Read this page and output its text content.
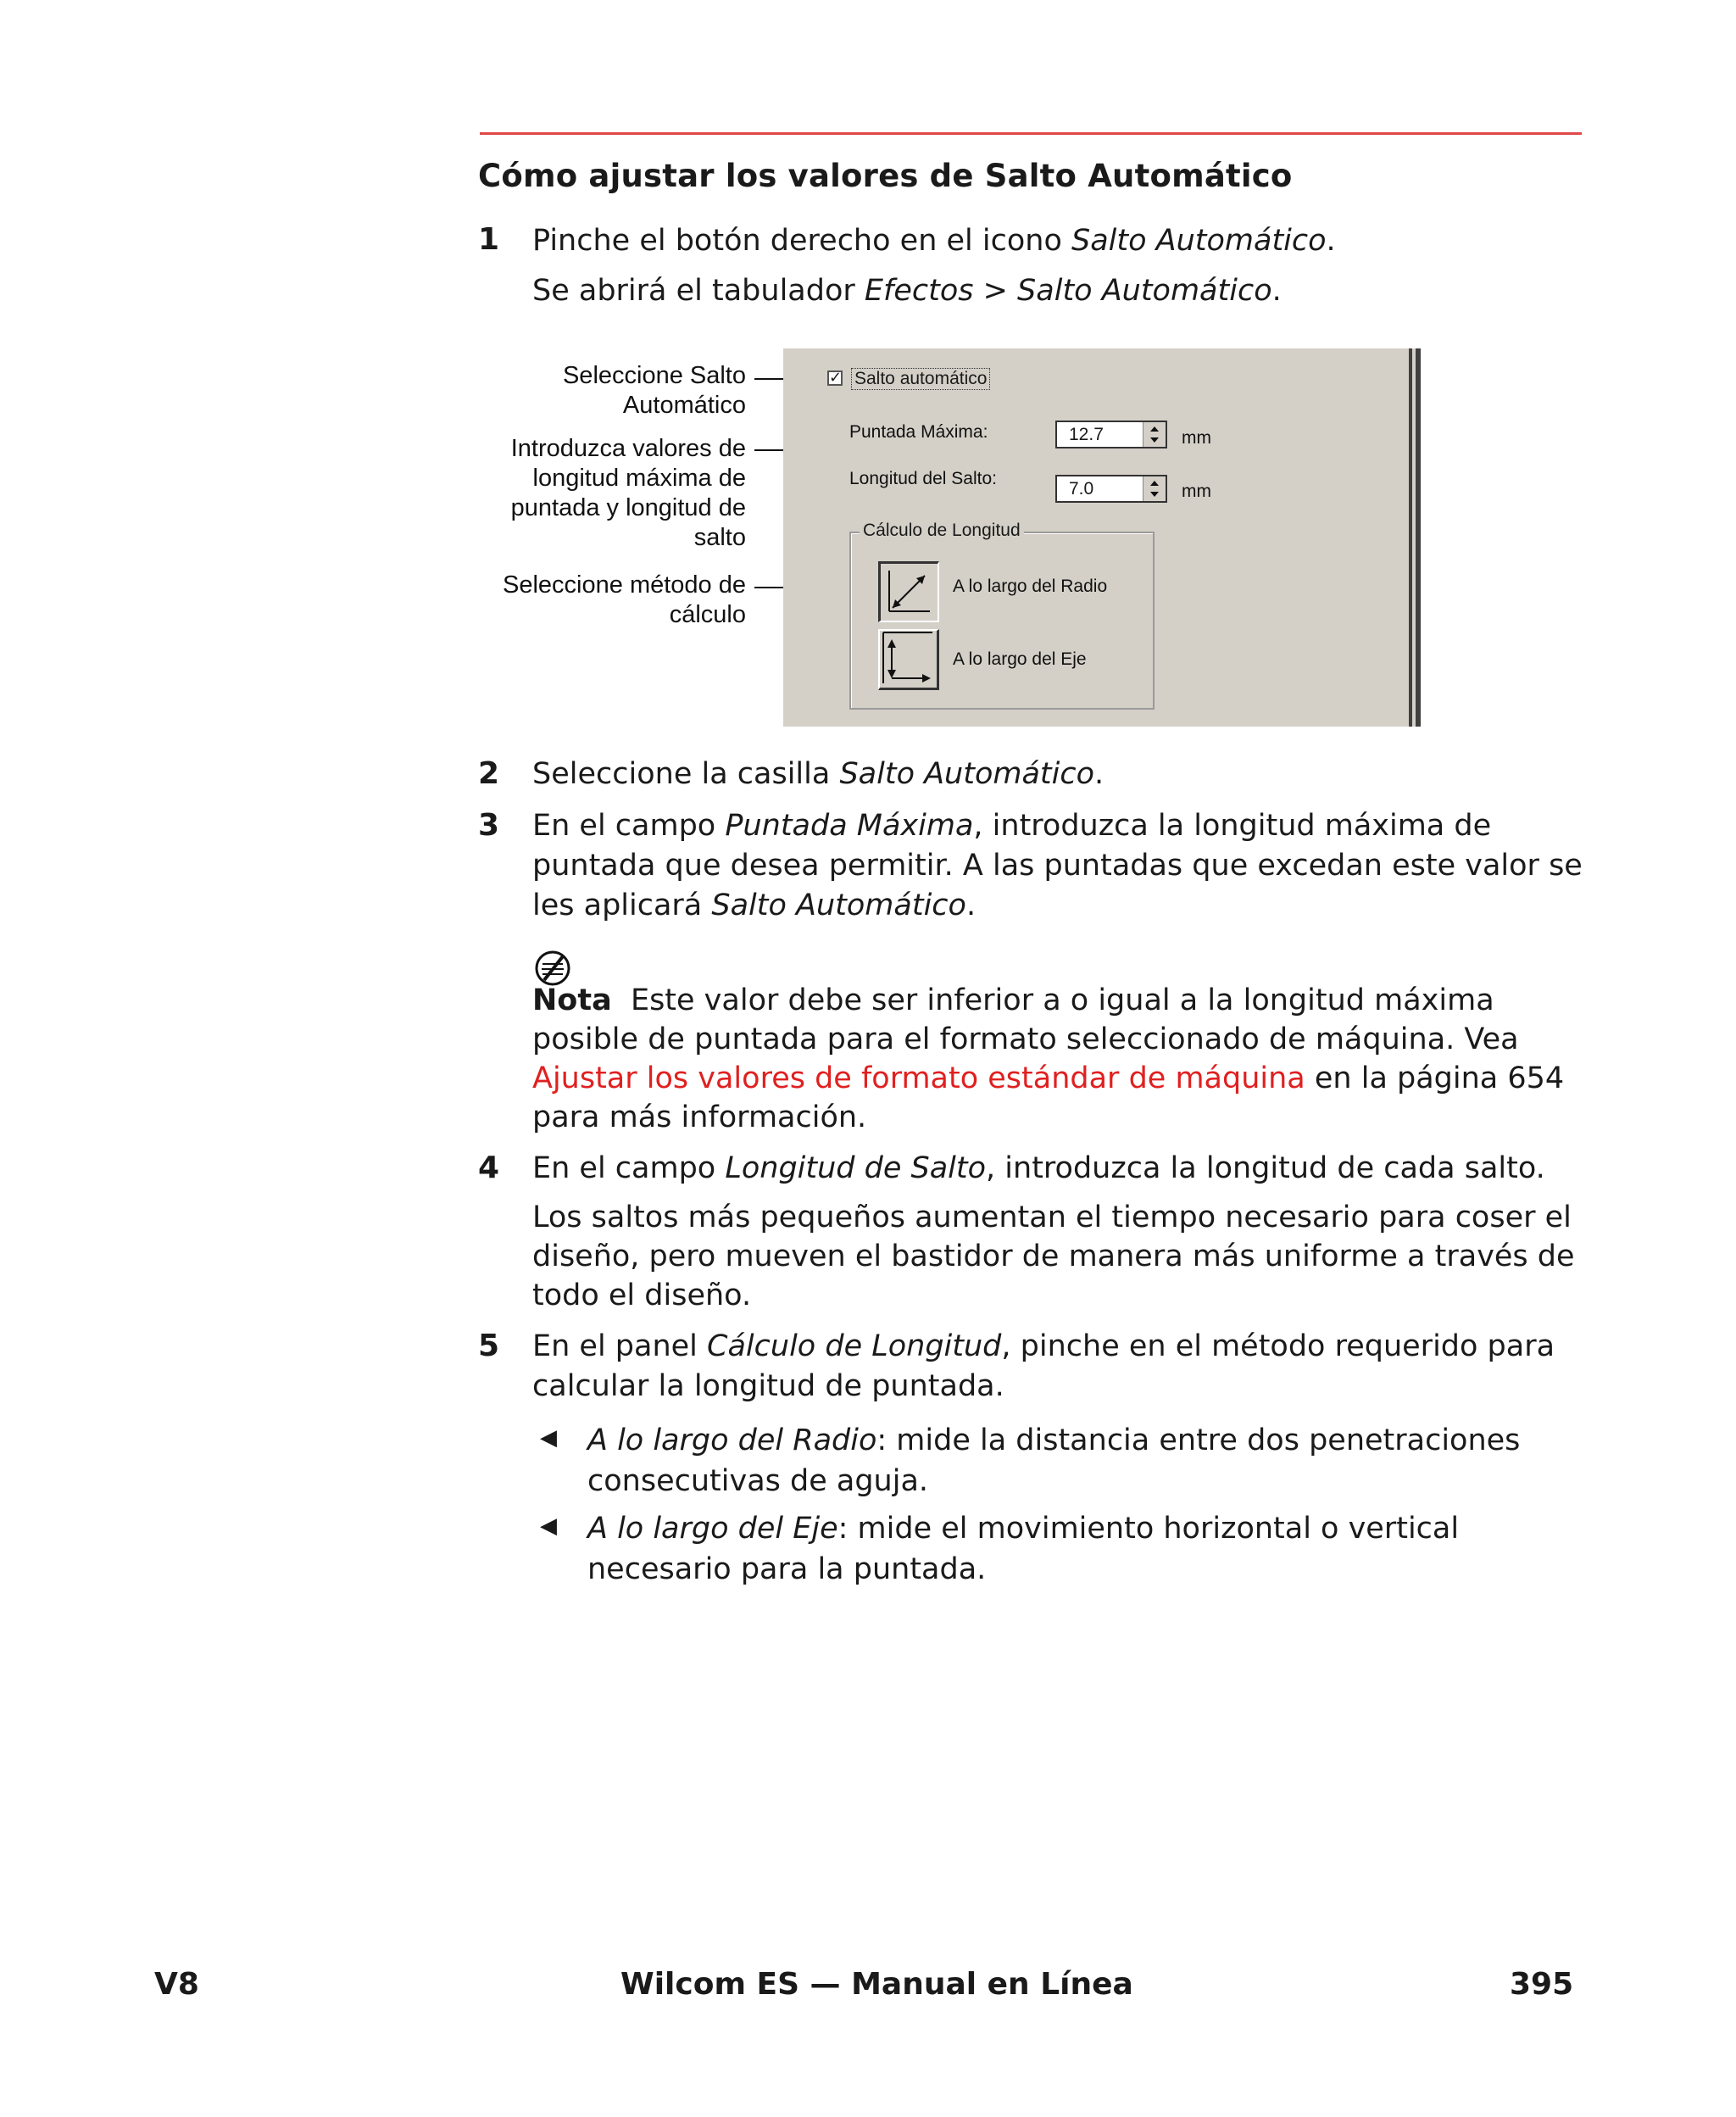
Cómo ajustar los valores de Salto Automático
1 Pinche el botón derecho en el icono Salto Automático.
Se abrirá el tabulador Efectos > Salto Automático.
Seleccione Salto Automático
Introduzca valores de longitud máxima de puntada y longitud de salto
Seleccione método de cálculo
✓ Salto automático
Puntada Máxima:	12.7	mm
Longitud del Salto:
7.0	mm
Cálculo de Longitud
A lo largo del Radio
A lo largo del Eje
2 Seleccione la casilla Salto Automático.
3 En el campo Puntada Máxima, introduzca la longitud máxima de puntada que desea permitir. A las puntadas que excedan este valor se les aplicará Salto Automático.
Nota Este valor debe ser inferior a o igual a la longitud máxima posible de puntada para el formato seleccionado de máquina. Vea Ajustar los valores de formato estándar de máquina en la página 654 para más información.
4 En el campo Longitud de Salto, introduzca la longitud de cada salto.
Los saltos más pequeños aumentan el tiempo necesario para coser el diseño, pero mueven el bastidor de manera más uniforme a través de todo el diseño.
5 En el panel Cálculo de Longitud, pinche en el método requerido para calcular la longitud de puntada.
◀ A lo largo del Radio: mide la distancia entre dos penetraciones consecutivas de aguja.
◀ A lo largo del Eje: mide el movimiento horizontal o vertical necesario para la puntada.
V8	Wilcom ES — Manual en Línea	395
